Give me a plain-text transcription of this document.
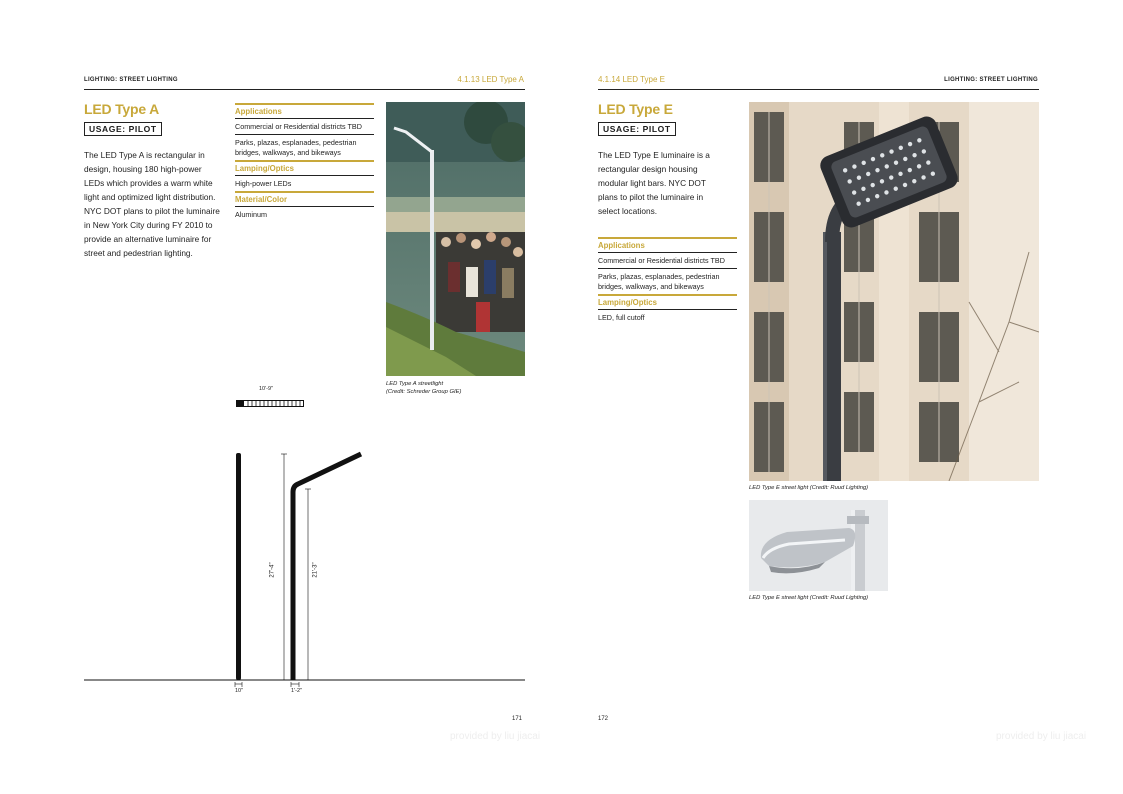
LIGHTING: STREET LIGHTING	4.1.13 LED Type A
LED Type A
USAGE: PILOT
The LED Type A is rectangular in design, housing 180 high-power LEDs which provides a warm white light and optimized light distribution. NYC DOT plans to pilot the luminaire in New York City during FY 2010 to provide an alternative luminaire for street and pedestrian lighting.
Applications
Commercial or Residential districts TBD
Parks, plazas, esplanades, pedestrian bridges, walkways, and bikeways
Lamping/Optics
High-power LEDs
Material/Color
Aluminum
LED Type A streetlight
(Credit: Schreder Group GIE)
10'-9"
27'-4"	21'-3"
10"	1'-2"
171
provided by liu jiacai
4.1.14 LED Type E	LIGHTING: STREET LIGHTING
LED Type E
USAGE: PILOT
The LED Type E luminaire is a rectangular design housing modular light bars. NYC DOT plans to pilot the luminaire in select locations.
Applications
Commercial or Residential districts TBD
Parks, plazas, esplanades, pedestrian bridges, walkways, and bikeways
Lamping/Optics
LED, full cutoff
LED Type E street light (Credit: Ruud Lighting)
LED Type E street light (Credit: Ruud Lighting)
172
provided by liu jiacai
